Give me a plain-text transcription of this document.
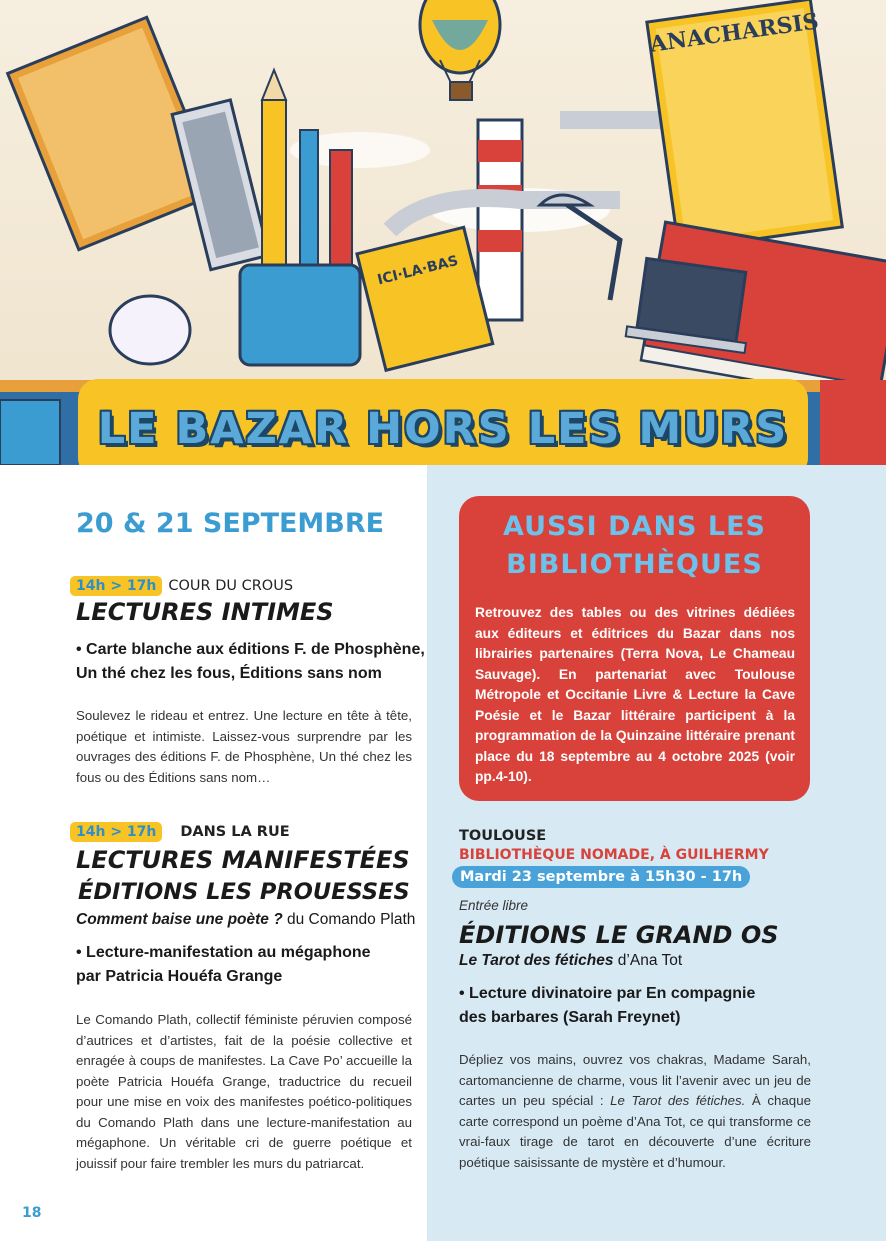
ANACHARSIS
ICI·LA·BAS
LE BAZAR HORS LES MURS
20 & 21 SEPTEMBRE
14h > 17h COUR DU CROUS
LECTURES INTIMES

• Carte blanche aux éditions F. de Phosphène,
Un thé chez les fous, Éditions sans nom

Soulevez le rideau et entrez. Une lecture en tête à tête, poétique et intimiste. Laissez-vous surprendre par les ouvrages des éditions F. de Phosphène, Un thé chez les fous ou des Éditions sans nom…

14h > 17h	DANS LA RUE
LECTURES MANIFESTÉES
ÉDITIONS LES PROUESSES

Comment baise une poète ? du Comando Plath

• Lecture-manifestation au mégaphone
par Patricia Houéfa Grange

Le Comando Plath, collectif féministe péruvien composé d’autrices et d’artistes, fait de la poésie collective et enragée à coups de manifestes. La Cave Po’ accueille la poète Patricia Houéfa Grange, traductrice du recueil pour une mise en voix des manifestes poético-politiques du Comando Plath dans une lecture-manifestation au mégaphone. Un véritable cri de guerre poétique et jouissif pour faire trembler les murs du patriarcat.

AUSSI DANS LES
BIBLIOTHÈQUES

Retrouvez des tables ou des vitrines dédiées aux éditeurs et éditrices du Bazar dans nos librairies partenaires (Terra Nova, Le Chameau Sauvage). En partenariat avec Toulouse Métropole et Occitanie Livre & Lecture la Cave Poésie et le Bazar littéraire participent à la programmation de la Quinzaine littéraire prenant place du 18 septembre au 4 octobre 2025 (voir pp.4-10).

TOULOUSE

BIBLIOTHÈQUE NOMADE, À GUILHERMY

Mardi 23 septembre à 15h30 - 17h

Entrée libre

ÉDITIONS LE GRAND OS

Le Tarot des fétiches d’Ana Tot

• Lecture divinatoire par En compagnie
des barbares (Sarah Freynet)

Dépliez vos mains, ouvrez vos chakras, Madame Sarah, cartomancienne de charme, vous lit l’avenir avec un jeu de cartes un peu spécial : Le Tarot des fétiches. À chaque carte correspond un poème d’Ana Tot, ce qui transforme ce vrai-faux tirage de tarot en découverte d’une écriture poétique saisissante de mystère et d’humour.

18
